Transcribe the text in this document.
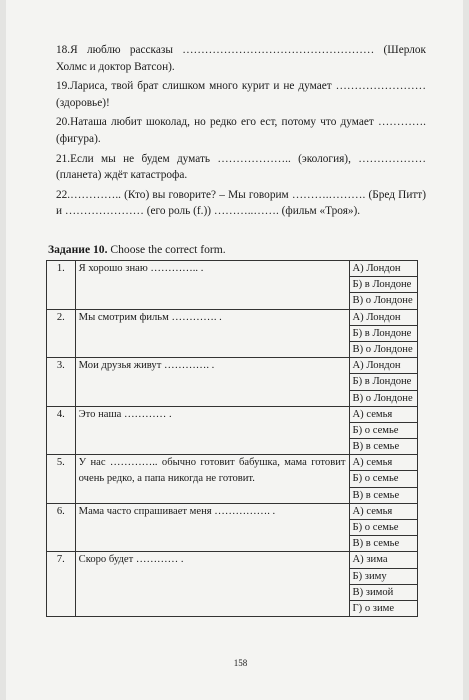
18.Я люблю рассказы …………………………………………… (Шерлок Холмс и доктор Ватсон).

19.Лариса, твой брат слишком много курит и не думает …………………… (здоровье)!

20.Наташа любит шоколад, но редко его ест, потому что думает …………. (фигура).

21.Если мы не будем думать ……………….. (экология), ……………… (планета) ждёт катастрофа.

22.………….. (Кто) вы говорите? – Мы говорим ……….………. (Бред Питт) и ………………… (его роль (f.)) ………..……. (фильм «Троя»).

Задание 10. Choose the correct form.
1.	Я хорошо знаю ………….. .	А) Лондон
		Б) в Лондоне
		В) о Лондоне
2.	Мы смотрим фильм …………. .	А) Лондон
		Б) в Лондоне
		В) о Лондоне
3.	Мои друзья живут …………. .	А) Лондон
		Б) в Лондоне
		В) о Лондоне
4.	Это наша ………… .	А) семья
		Б) о семье
		В) в семье
5.	У нас ………….. обычно готовит бабушка, мама готовит очень редко, а папа никогда не готовит.	А) семья
		Б) о семье
		В) в семье
6.	Мама часто спрашивает меня ……………. .	А) семья
		Б) о семье
		В) в семье
7.	Скоро будет ………… .	А) зима
		Б) зиму
		В) зимой
		Г) о зиме
158
